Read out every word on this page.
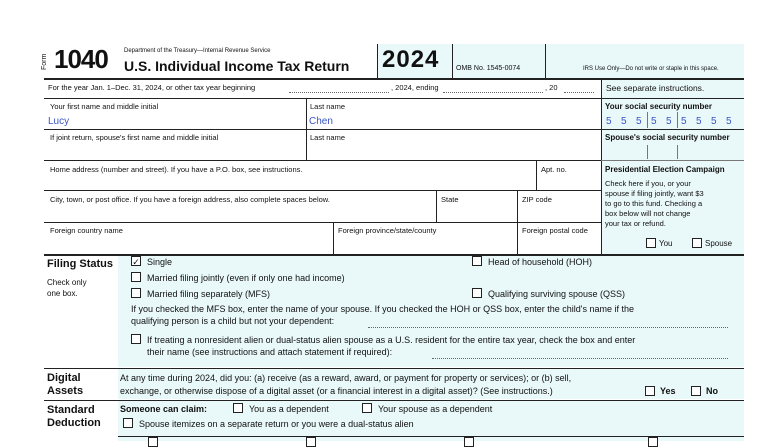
Form 1040	Department of the Treasury—Internal Revenue Service
U.S. Individual Income Tax Return 2024 OMB No. 1545-0074	IRS Use Only—Do not write or staple in this space.
For the year Jan. 1–Dec. 31, 2024, or other tax year beginning	, 2024, ending	, 20	See separate instructions.
Your first name and middle initial
Lucy
Last name
Chen
Your social security number
5 5 5 5 5 5 5 5 5
If joint return, spouse's first name and middle initial	Last name	Spouse's social security number
Home address (number and street). If you have a P.O. box, see instructions.	Apt. no.
City, town, or post office. If you have a foreign address, also complete spaces below.	State	ZIP code
Foreign country name	Foreign province/state/county	Foreign postal code
Presidential Election Campaign
Check here if you, or your
spouse if filing jointly, want $3
to go to this fund. Checking a
box below will not change
your tax or refund.
You	Spouse
Filing Status
Check only
one box.
✓ Single	Head of household (HOH)
Married filing jointly (even if only one had income)
Married filing separately (MFS)	Qualifying surviving spouse (QSS)
If you checked the MFS box, enter the name of your spouse. If you checked the HOH or QSS box, enter the child's name if the
qualifying person is a child but not your dependent:
If treating a nonresident alien or dual-status alien spouse as a U.S. resident for the entire tax year, check the box and enter
their name (see instructions and attach statement if required):
Digital
Assets
At any time during 2024, did you: (a) receive (as a reward, award, or payment for property or services); or (b) sell,
exchange, or otherwise dispose of a digital asset (or a financial interest in a digital asset)? (See instructions.)	Yes	No
Standard
Deduction
Someone can claim:	You as a dependent	Your spouse as a dependent
Spouse itemizes on a separate return or you were a dual-status alien
